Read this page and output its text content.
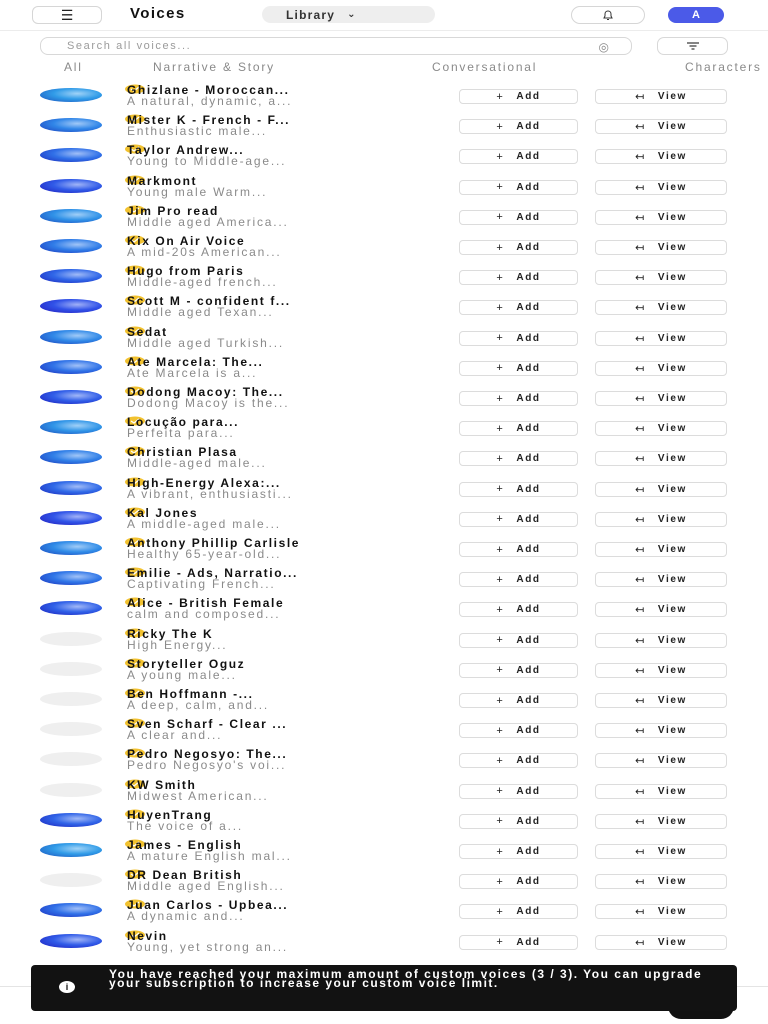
☰	Voices	Library ⌄	A
Search all voices...
◎
All	Narrative & Story	Conversational	Characters
Ghizlane - Moroccan...
A natural, dynamic, a...	+ Add	↤ View
Mister K - French - F...
Enthusiastic male...	+ Add	↤ View
Taylor Andrew...
Young to Middle-age...	+ Add	↤ View
Markmont
Young male Warm...	+ Add	↤ View
Jim Pro read
Middle aged America...	+ Add	↤ View
Kix On Air Voice
A mid-20s American...	+ Add	↤ View
Hugo from Paris
Middle-aged french...	+ Add	↤ View
Scott M - confident f...
Middle aged Texan...	+ Add	↤ View
Sedat
Middle aged Turkish...	+ Add	↤ View
Ate Marcela: The...
Ate Marcela is a...	+ Add	↤ View
Dodong Macoy: The...
Dodong Macoy is the...	+ Add	↤ View
Locução para...
Perfeita para...	+ Add	↤ View
Christian Plasa
Middle-aged male...	+ Add	↤ View
High-Energy Alexa:...
A vibrant, enthusiasti...	+ Add	↤ View
Kal Jones
A middle-aged male...	+ Add	↤ View
Anthony Phillip Carlisle
Healthy 65-year-old...	+ Add	↤ View
Emilie - Ads, Narratio...
Captivating French...	+ Add	↤ View
Alice - British Female
calm and composed...	+ Add	↤ View
Ricky The K
High Energy...	+ Add	↤ View
Storyteller Oguz
A young male...	+ Add	↤ View
Ben Hoffmann -...
A deep, calm, and...	+ Add	↤ View
Sven Scharf - Clear ...
A clear and...	+ Add	↤ View
Pedro Negosyo: The...
Pedro Negosyo's voi...	+ Add	↤ View
KW Smith
Midwest American...	+ Add	↤ View
HuyenTrang
The voice of a...	+ Add	↤ View
James - English
A mature English mal...	+ Add	↤ View
DR Dean British
Middle aged English...	+ Add	↤ View
Juan Carlos - Upbea...
A dynamic and...	+ Add	↤ View
Nevin
Young, yet strong an...	+ Add	↤ View
i
You have reached your maximum amount of custom voices (3 / 3). You can upgrade your subscription to increase your custom voice limit.
